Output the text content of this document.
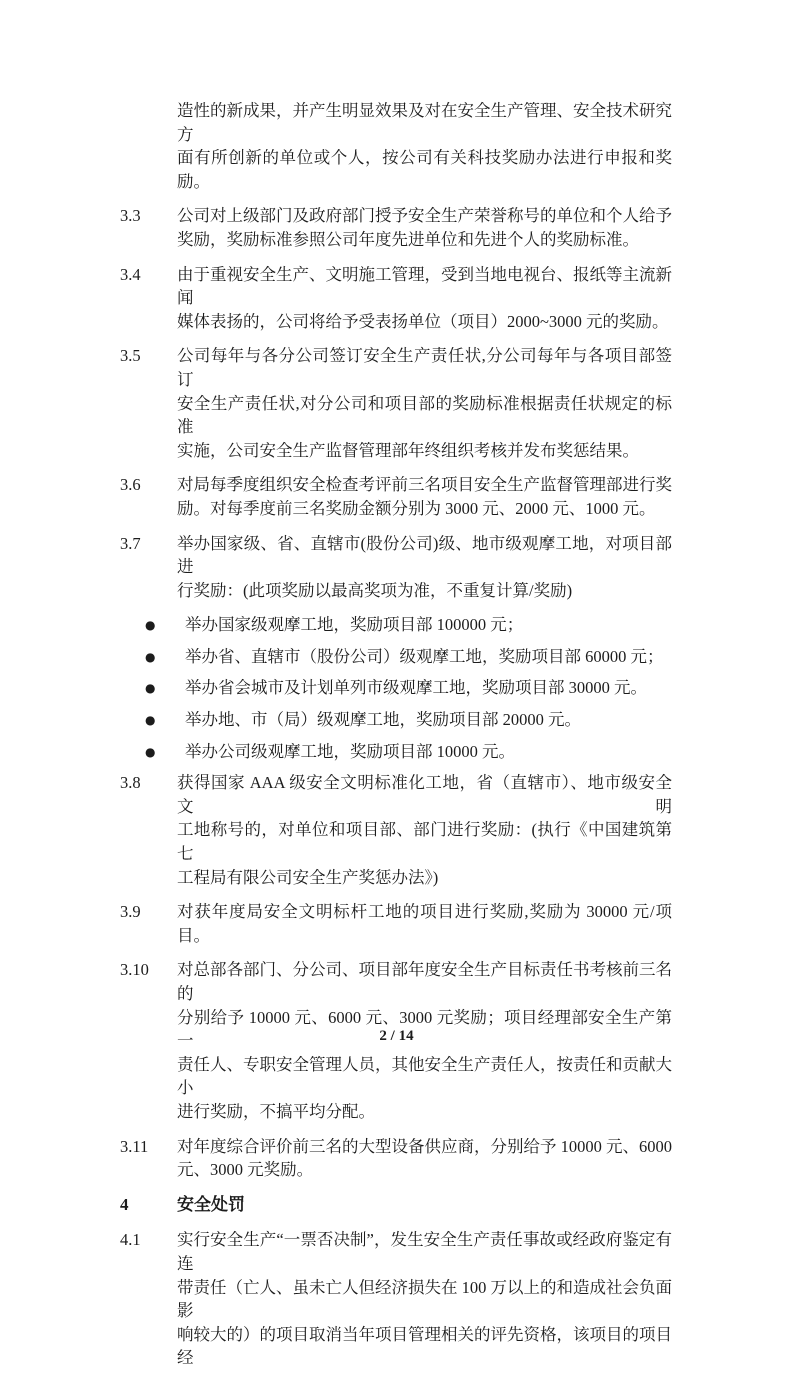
造性的新成果，并产生明显效果及对在安全生产管理、安全技术研究方
面有所创新的单位或个人，按公司有关科技奖励办法进行申报和奖励。
3.3 公司对上级部门及政府部门授予安全生产荣誉称号的单位和个人给予
奖励，奖励标准参照公司年度先进单位和先进个人的奖励标准。
3.4 由于重视安全生产、文明施工管理，受到当地电视台、报纸等主流新闻
媒体表扬的，公司将给予受表扬单位（项目）2000~3000 元的奖励。
3.5 公司每年与各分公司签订安全生产责任状,分公司每年与各项目部签订
安全生产责任状,对分公司和项目部的奖励标准根据责任状规定的标准
实施，公司安全生产监督管理部年终组织考核并发布奖惩结果。
3.6 对局每季度组织安全检查考评前三名项目安全生产监督管理部进行奖
励。对每季度前三名奖励金额分别为 3000 元、2000 元、1000 元。
3.7 举办国家级、省、直辖市(股份公司)级、地市级观摩工地，对项目部进
行奖励：(此项奖励以最高奖项为准，不重复计算/奖励)
● 举办国家级观摩工地，奖励项目部 100000 元；
● 举办省、直辖市（股份公司）级观摩工地，奖励项目部 60000 元；
● 举办省会城市及计划单列市级观摩工地，奖励项目部 30000 元。
● 举办地、市（局）级观摩工地，奖励项目部 20000 元。
● 举办公司级观摩工地，奖励项目部 10000 元。
3.8 获得国家 AAA 级安全文明标准化工地，省（直辖市）、地市级安全文明
工地称号的，对单位和项目部、部门进行奖励：(执行《中国建筑第七
工程局有限公司安全生产奖惩办法》)
3.9 对获年度局安全文明标杆工地的项目进行奖励,奖励为 30000 元/项目。
3.10 对总部各部门、分公司、项目部年度安全生产目标责任书考核前三名的
分别给予 10000 元、6000 元、3000 元奖励；项目经理部安全生产第一
责任人、专职安全管理人员，其他安全生产责任人，按责任和贡献大小
进行奖励，不搞平均分配。
3.11 对年度综合评价前三名的大型设备供应商，分别给予 10000 元、6000
元、3000 元奖励。
4	安全处罚
4.1 实行安全生产“一票否决制”，发生安全生产责任事故或经政府鉴定有连
带责任（亡人、虽未亡人但经济损失在 100 万以上的和造成社会负面影
响较大的）的项目取消当年项目管理相关的评先资格，该项目的项目经
2 / 14
